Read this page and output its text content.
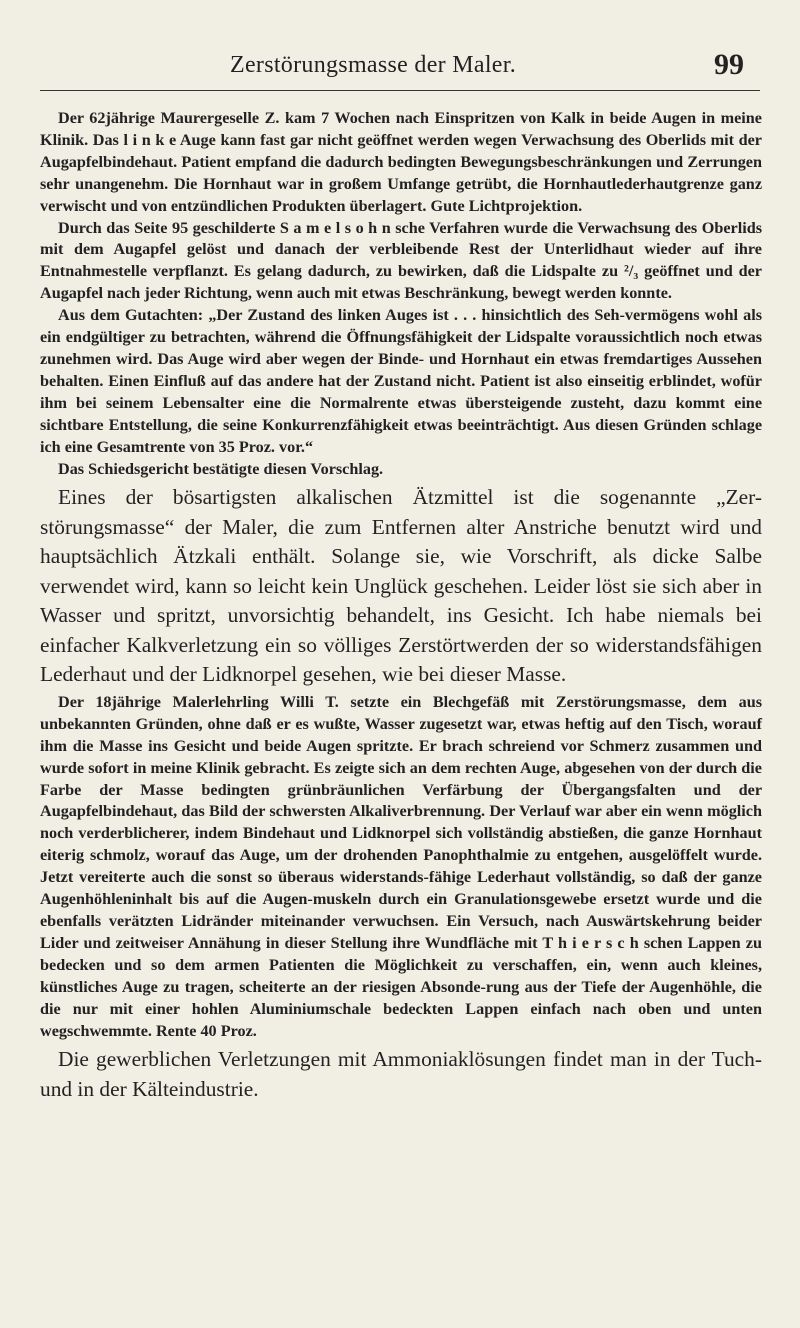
Zerstörungsmasse der Maler.	99

Der 62jährige Maurergeselle Z. kam 7 Wochen nach Einspritzen von Kalk in beide Augen in meine Klinik. Das l i n k e Auge kann fast gar nicht geöffnet werden wegen Verwachsung des Oberlids mit der Augapfelbindehaut. Patient empfand die dadurch bedingten Bewegungsbeschränkungen und Zerrungen sehr unangenehm. Die Hornhaut war in großem Umfange getrübt, die Hornhautlederhautgrenze ganz verwischt und von entzündlichen Produkten überlagert. Gute Lichtprojektion.

Durch das Seite 95 geschilderte S a m e l s o h n sche Verfahren wurde die Verwachsung des Oberlids mit dem Augapfel gelöst und danach der verbleibende Rest der Unterlidhaut wieder auf ihre Entnahmestelle verpflanzt. Es gelang dadurch, zu bewirken, daß die Lidspalte zu ²/₃ geöffnet und der Augapfel nach jeder Richtung, wenn auch mit etwas Beschränkung, bewegt werden konnte.

Aus dem Gutachten: „Der Zustand des linken Auges ist . . . hinsichtlich des Seh-vermögens wohl als ein endgültiger zu betrachten, während die Öffnungsfähigkeit der Lidspalte voraussichtlich noch etwas zunehmen wird. Das Auge wird aber wegen der Binde- und Hornhaut ein etwas fremdartiges Aussehen behalten. Einen Einfluß auf das andere hat der Zustand nicht. Patient ist also einseitig erblindet, wofür ihm bei seinem Lebensalter eine die Normalrente etwas übersteigende zusteht, dazu kommt eine sichtbare Entstellung, die seine Konkurrenzfähigkeit etwas beeinträchtigt. Aus diesen Gründen schlage ich eine Gesamtrente von 35 Proz. vor.“

Das Schiedsgericht bestätigte diesen Vorschlag.

Eines der bösartigsten alkalischen Ätzmittel ist die sogenannte „Zer-störungsmasse“ der Maler, die zum Entfernen alter Anstriche benutzt wird und hauptsächlich Ätzkali enthält. Solange sie, wie Vorschrift, als dicke Salbe verwendet wird, kann so leicht kein Unglück geschehen. Leider löst sie sich aber in Wasser und spritzt, unvorsichtig behandelt, ins Gesicht. Ich habe niemals bei einfacher Kalkverletzung ein so völliges Zerstörtwerden der so widerstandsfähigen Lederhaut und der Lidknorpel gesehen, wie bei dieser Masse.

Der 18jährige Malerlehrling Willi T. setzte ein Blechgefäß mit Zerstörungsmasse, dem aus unbekannten Gründen, ohne daß er es wußte, Wasser zugesetzt war, etwas heftig auf den Tisch, worauf ihm die Masse ins Gesicht und beide Augen spritzte. Er brach schreiend vor Schmerz zusammen und wurde sofort in meine Klinik gebracht. Es zeigte sich an dem rechten Auge, abgesehen von der durch die Farbe der Masse bedingten grünbräunlichen Verfärbung der Übergangsfalten und der Augapfelbindehaut, das Bild der schwersten Alkaliverbrennung. Der Verlauf war aber ein wenn möglich noch verderblicherer, indem Bindehaut und Lidknorpel sich vollständig abstießen, die ganze Hornhaut eiterig schmolz, worauf das Auge, um der drohenden Panophthalmie zu entgehen, ausgelöffelt wurde. Jetzt vereiterte auch die sonst so überaus widerstands-fähige Lederhaut vollständig, so daß der ganze Augenhöhleninhalt bis auf die Augen-muskeln durch ein Granulationsgewebe ersetzt wurde und die ebenfalls verätzten Lidränder miteinander verwuchsen. Ein Versuch, nach Auswärtskehrung beider Lider und zeitweiser Annähung in dieser Stellung ihre Wundfläche mit T h i e r s c h schen Lappen zu bedecken und so dem armen Patienten die Möglichkeit zu verschaffen, ein, wenn auch kleines, künstliches Auge zu tragen, scheiterte an der riesigen Absonde-rung aus der Tiefe der Augenhöhle, die die nur mit einer hohlen Aluminiumschale bedeckten Lappen einfach nach oben und unten wegschwemmte. Rente 40 Proz.

Die gewerblichen Verletzungen mit Ammoniaklösungen findet man in der Tuch- und in der Kälteindustrie.
